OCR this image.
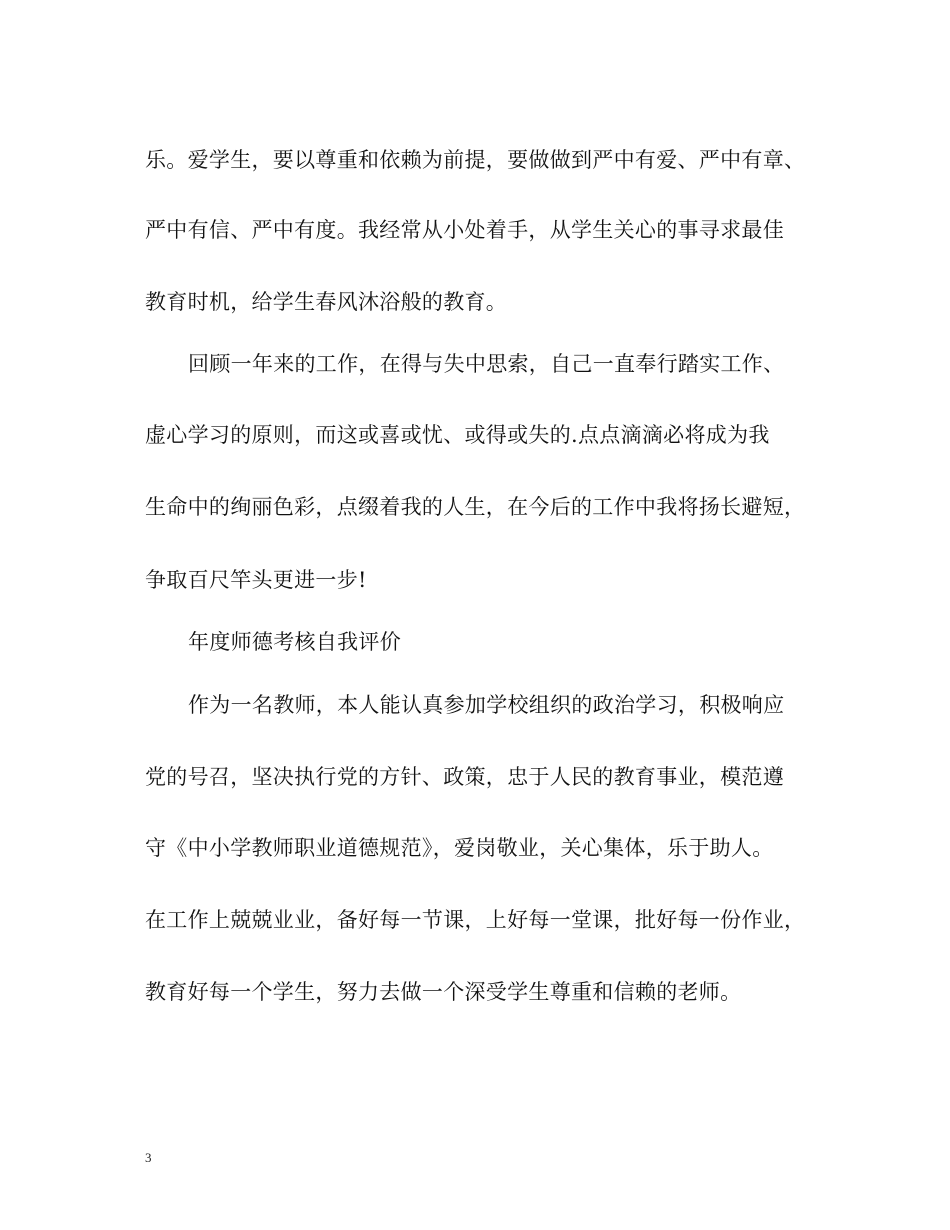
乐。爱学生，要以尊重和依赖为前提，要做做到严中有爱、严中有章、
严中有信、严中有度。我经常从小处着手，从学生关心的事寻求最佳
教育时机，给学生春风沐浴般的教育。
回顾一年来的工作，在得与失中思索，自己一直奉行踏实工作、
虚心学习的原则，而这或喜或忧、或得或失的.点点滴滴必将成为我
生命中的绚丽色彩，点缀着我的人生，在今后的工作中我将扬长避短，
争取百尺竿头更进一步!
年度师德考核自我评价
作为一名教师，本人能认真参加学校组织的政治学习，积极响应
党的号召，坚决执行党的方针、政策，忠于人民的教育事业，模范遵
守《中小学教师职业道德规范》，爱岗敬业，关心集体，乐于助人。
在工作上兢兢业业，备好每一节课，上好每一堂课，批好每一份作业，
教育好每一个学生，努力去做一个深受学生尊重和信赖的老师。
3
